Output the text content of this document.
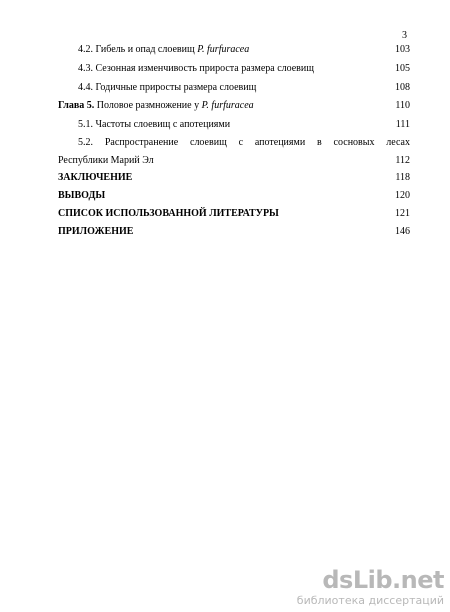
3
4.2. Гибель и опад слоевищ P. furfuracea	103
4.3. Сезонная изменчивость прироста размера слоевищ	105
4.4. Годичные приросты размера слоевищ	108
Глава 5. Половое размножение у P. furfuracea	110
5.1. Частоты слоевищ с апотециями	111
5.2. Распространение слоевищ с апотециями в сосновых лесах
Республики Марий Эл	112
ЗАКЛЮЧЕНИЕ	118
ВЫВОДЫ	120
СПИСОК ИСПОЛЬЗОВАННОЙ ЛИТЕРАТУРЫ	121
ПРИЛОЖЕНИЕ	146
dsLib.net
библиотека диссертаций
